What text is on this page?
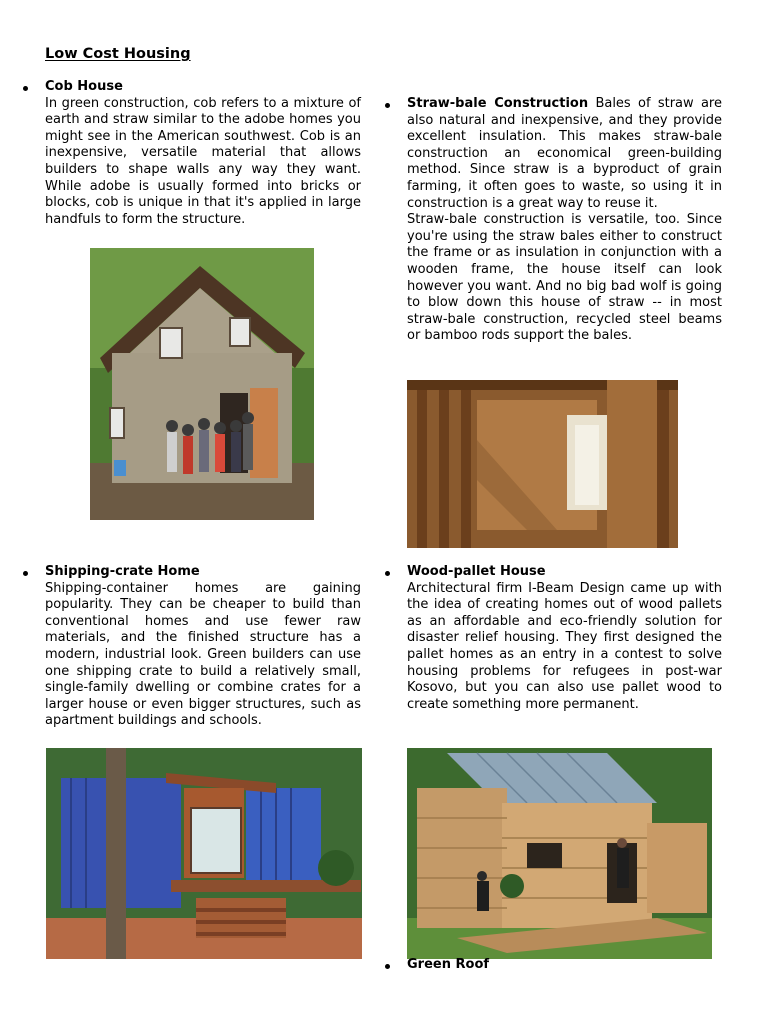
Low Cost Housing

Cob House

In green construction, cob refers to a mixture of earth and straw similar to the adobe homes you might see in the American southwest. Cob is an inexpensive, versatile material that allows builders to shape walls any way they want. While adobe is usually formed into bricks or blocks, cob is unique in that it's applied in large handfuls to form the structure.

Straw-bale Construction Bales of straw are also natural and inexpensive, and they provide excellent insulation. This makes straw-bale construction an economical green-building method. Since straw is a byproduct of grain farming, it often goes to waste, so using it in construction is a great way to reuse it.

Straw-bale construction is versatile, too. Since you're using the straw bales either to construct the frame or as insulation in conjunction with a wooden frame, the house itself can look however you want. And no big bad wolf is going to blow down this house of straw -- in most straw-bale construction, recycled steel beams or bamboo rods support the bales.

Shipping-crate Home

Shipping-container homes are gaining popularity. They can be cheaper to build than conventional homes and use fewer raw materials, and the finished structure has a modern, industrial look. Green builders can use one shipping crate to build a relatively small, single-family dwelling or combine crates for a larger house or even bigger structures, such as apartment buildings and schools.

Wood-pallet House

Architectural firm I-Beam Design came up with the idea of creating homes out of wood pallets as an affordable and eco-friendly solution for disaster relief housing. They first designed the pallet homes as an entry in a contest to solve housing problems for refugees in post-war Kosovo, but you can also use pallet wood to create something more permanent.

Green Roof
